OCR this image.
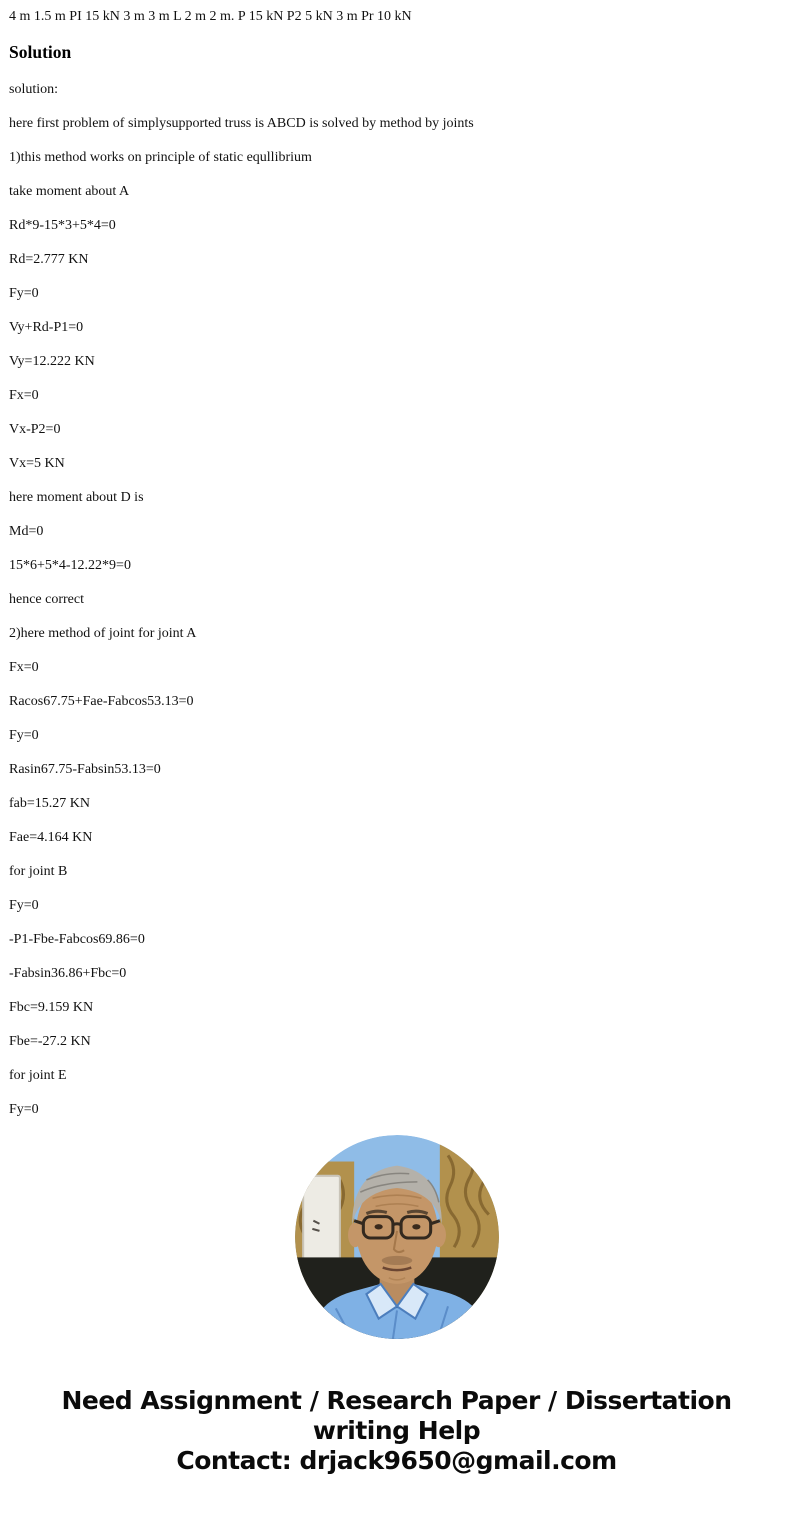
4 m 1.5 m PI 15 kN 3 m 3 m L 2 m 2 m. P 15 kN P2 5 kN 3 m Pr 10 kN

Solution

solution:

here first problem of simplysupported truss is ABCD is solved by method by joints

1)this method works on principle of static equllibrium

take moment about A

Rd*9-15*3+5*4=0

Rd=2.777 KN

Fy=0

Vy+Rd-P1=0

Vy=12.222 KN

Fx=0

Vx-P2=0

Vx=5 KN

here moment about D is

Md=0

15*6+5*4-12.22*9=0

hence correct

2)here method of joint for joint A

Fx=0

Racos67.75+Fae-Fabcos53.13=0

Fy=0

Rasin67.75-Fabsin53.13=0

fab=15.27 KN

Fae=4.164 KN

for joint B

Fy=0

-P1-Fbe-Fabcos69.86=0

-Fabsin36.86+Fbc=0

Fbc=9.159 KN

Fbe=-27.2 KN

for joint E

Fy=0

Need Assignment / Research Paper / Dissertation writing Help
Contact: drjack9650@gmail.com
